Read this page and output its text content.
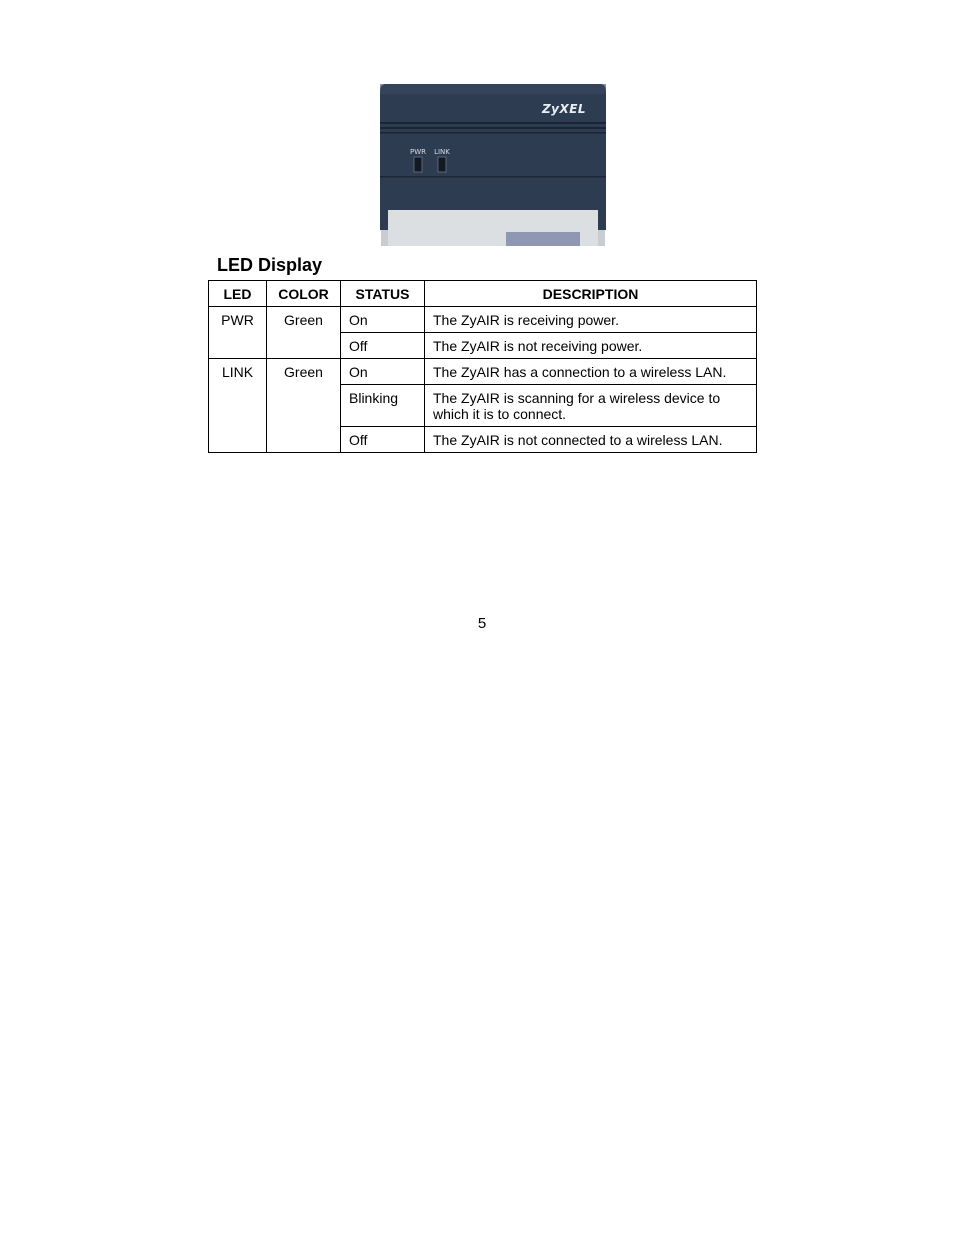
ZyXEL
PWR LINK
LED Display
LED	COLOR	STATUS	DESCRIPTION
PWR	Green	On	The ZyAIR is receiving power.
		Off	The ZyAIR is not receiving power.
LINK	Green	On	The ZyAIR has a connection to a wireless LAN.
		Blinking	The ZyAIR is scanning for a wireless device to which it is to connect.
		Off	The ZyAIR is not connected to a wireless LAN.
5
